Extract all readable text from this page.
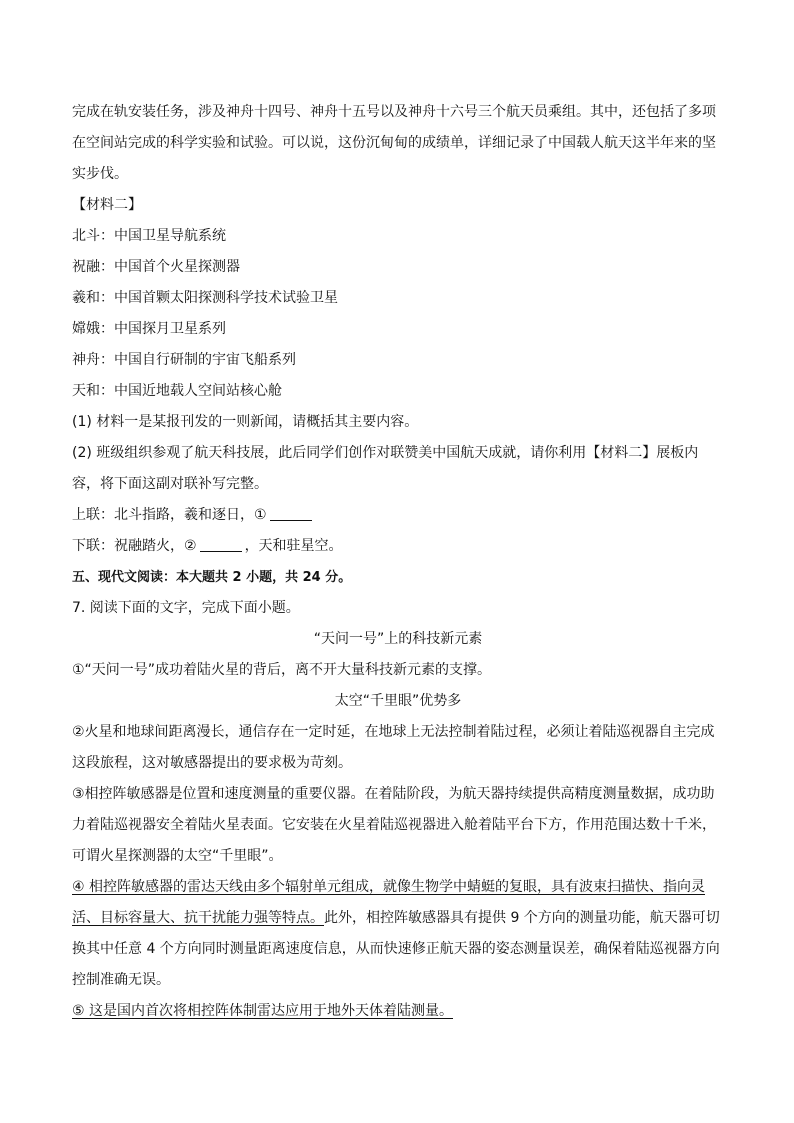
完成在轨安装任务，涉及神舟十四号、神舟十五号以及神舟十六号三个航天员乘组。其中，还包括了多项
在空间站完成的科学实验和试验。可以说，这份沉甸甸的成绩单，详细记录了中国载人航天这半年来的坚
实步伐。
【材料二】
北斗：中国卫星导航系统
祝融：中国首个火星探测器
羲和：中国首颗太阳探测科学技术试验卫星
嫦娥：中国探月卫星系列
神舟：中国自行研制的宇宙飞船系列
天和：中国近地载人空间站核心舱
(1) 材料一是某报刊发的一则新闻，请概括其主要内容。
(2) 班级组织参观了航天科技展，此后同学们创作对联赞美中国航天成就，请你利用【材料二】展板内
容，将下面这副对联补写完整。
上联：北斗指路，羲和逐日，①
下联：祝融踏火，②	，天和驻星空。
五、现代文阅读：本大题共 2 小题，共 24 分。
7. 阅读下面的文字，完成下面小题。
“天问一号”上的科技新元素
①“天问一号”成功着陆火星的背后，离不开大量科技新元素的支撑。
太空“千里眼”优势多
②火星和地球间距离漫长，通信存在一定时延，在地球上无法控制着陆过程，必须让着陆巡视器自主完成
这段旅程，这对敏感器提出的要求极为苛刻。
③相控阵敏感器是位置和速度测量的重要仪器。在着陆阶段，为航天器持续提供高精度测量数据，成功助
力着陆巡视器安全着陆火星表面。它安装在火星着陆巡视器进入舱着陆平台下方，作用范围达数十千米，
可谓火星探测器的太空“千里眼”。
④ 相控阵敏感器的雷达天线由多个辐射单元组成，就像生物学中蜻蜓的复眼，具有波束扫描快、指向灵
活、目标容量大、抗干扰能力强等特点。此外，相控阵敏感器具有提供 9 个方向的测量功能，航天器可切
换其中任意 4 个方向同时测量距离速度信息，从而快速修正航天器的姿态测量误差，确保着陆巡视器方向
控制准确无误。
⑤ 这是国内首次将相控阵体制雷达应用于地外天体着陆测量。
